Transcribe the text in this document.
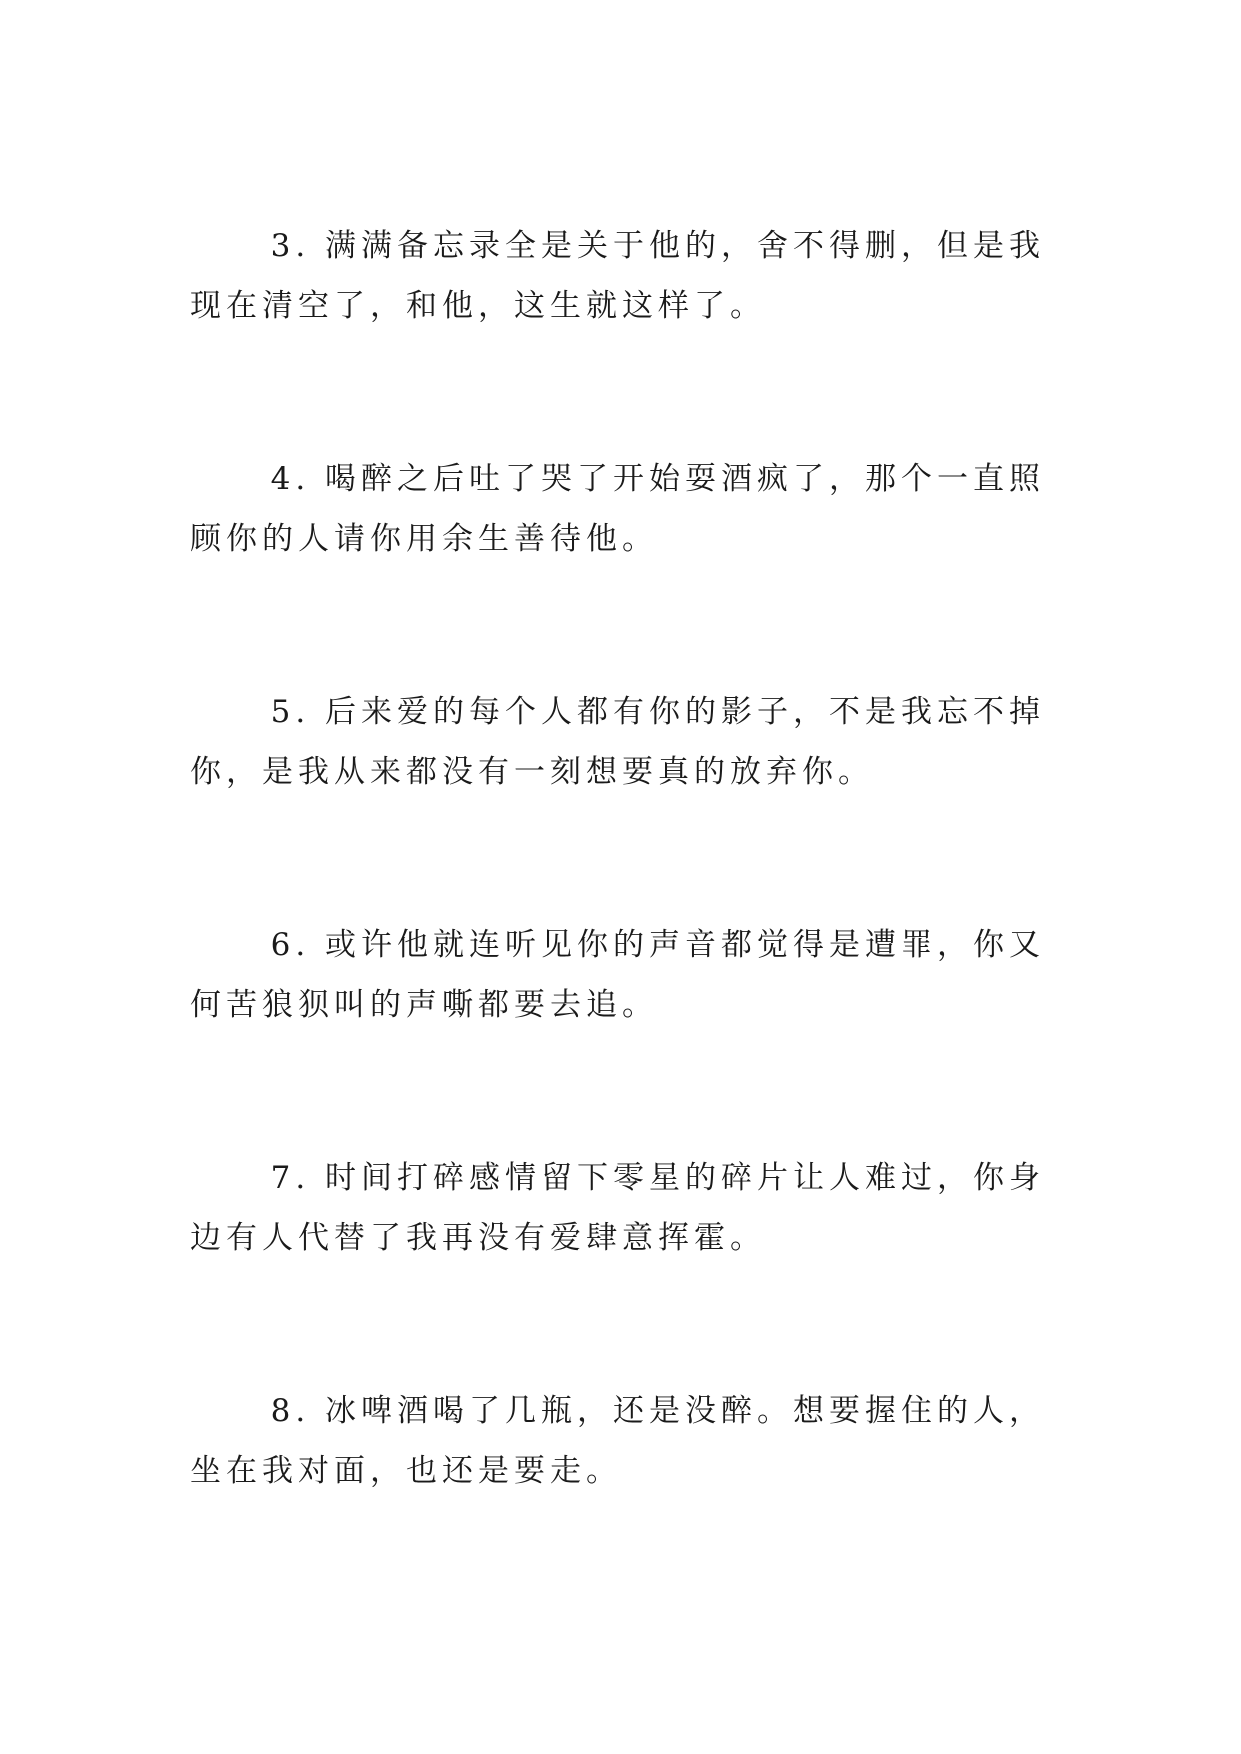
3. 满满备忘录全是关于他的，舍不得删，但是我现在清空了，和他，这生就这样了。

4. 喝醉之后吐了哭了开始耍酒疯了，那个一直照顾你的人请你用余生善待他。

5. 后来爱的每个人都有你的影子，不是我忘不掉你，是我从来都没有一刻想要真的放弃你。

6. 或许他就连听见你的声音都觉得是遭罪，你又何苦狼狈叫的声嘶都要去追。

7. 时间打碎感情留下零星的碎片让人难过，你身边有人代替了我再没有爱肆意挥霍。

8. 冰啤酒喝了几瓶，还是没醉。想要握住的人，坐在我对面，也还是要走。
